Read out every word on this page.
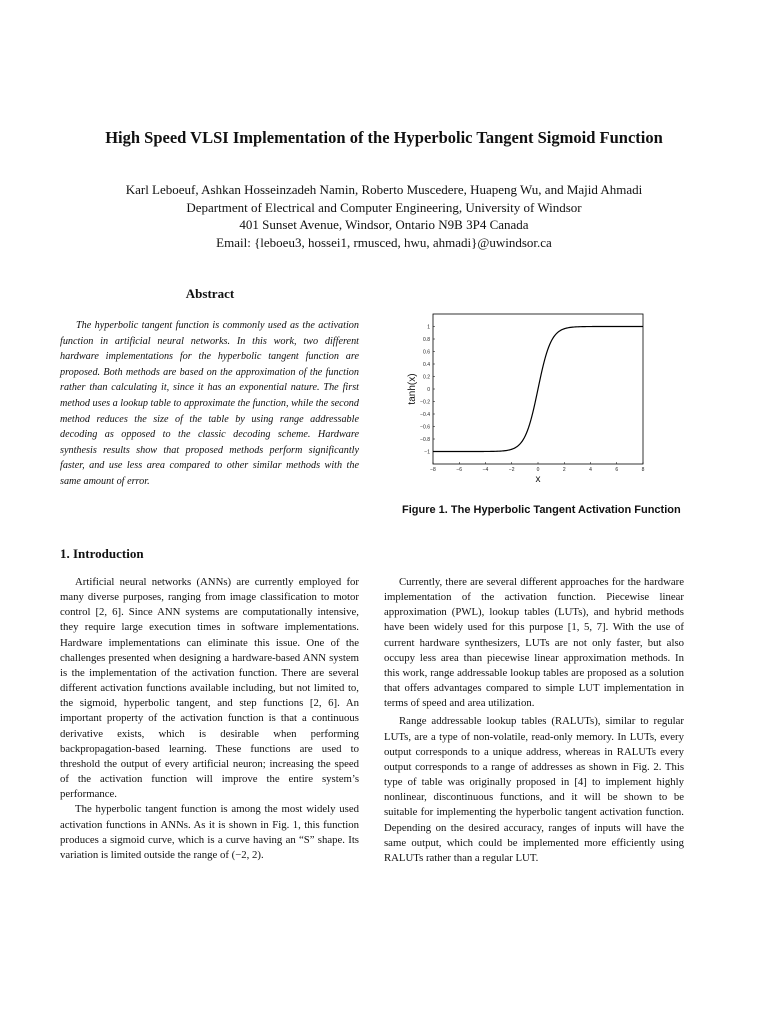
High Speed VLSI Implementation of the Hyperbolic Tangent Sigmoid Function
Karl Leboeuf, Ashkan Hosseinzadeh Namin, Roberto Muscedere, Huapeng Wu, and Majid Ahmadi
Department of Electrical and Computer Engineering, University of Windsor
401 Sunset Avenue, Windsor, Ontario N9B 3P4 Canada
Email: {leboeu3, hossei1, rmusced, hwu, ahmadi}@uwindsor.ca
Abstract

The hyperbolic tangent function is commonly used as the activation function in artificial neural networks. In this work, two different hardware implementations for the hyperbolic tangent function are proposed. Both methods are based on the approximation of the function rather than calculating it, since it has an exponential nature. The first method uses a lookup table to approximate the function, while the second method reduces the size of the table by using range addressable decoding as opposed to the classic decoding scheme. Hardware synthesis results show that proposed methods perform significantly faster, and use less area compared to other similar methods with the same amount of error.

−8	−6	−4	−2	0	2	4	6	8
1
0.8
0.6
0.4
0.2
0
−0.2
−0.4
−0.6
−0.8
−1
x
tanh(x)
Figure 1. The Hyperbolic Tangent Activation Function
1. Introduction

Artificial neural networks (ANNs) are currently employed for many diverse purposes, ranging from image classification to motor control [2, 6]. Since ANN systems are computationally intensive, they require large execution times in software implementations. Hardware implementations can eliminate this issue. One of the challenges presented when designing a hardware-based ANN system is the implementation of the activation function. There are several different activation functions available including, but not limited to, the sigmoid, hyperbolic tangent, and step functions [2, 6]. An important property of the activation function is that a continuous derivative exists, which is desirable when performing backpropagation-based learning. These functions are used to threshold the output of every artificial neuron; increasing the speed of the activation function will improve the entire system’s performance.

The hyperbolic tangent function is among the most widely used activation functions in ANNs. As it is shown in Fig. 1, this function produces a sigmoid curve, which is a curve having an “S” shape. Its variation is limited outside the range of (−2, 2).

Currently, there are several different approaches for the hardware implementation of the activation function. Piecewise linear approximation (PWL), lookup tables (LUTs), and hybrid methods have been widely used for this purpose [1, 5, 7]. With the use of current hardware synthesizers, LUTs are not only faster, but also occupy less area than piecewise linear approximation methods. In this work, range addressable lookup tables are proposed as a solution that offers advantages compared to simple LUT implementation in terms of speed and area utilization.

Range addressable lookup tables (RALUTs), similar to regular LUTs, are a type of non-volatile, read-only memory. In LUTs, every output corresponds to a unique address, whereas in RALUTs every output corresponds to a range of addresses as shown in Fig. 2. This type of table was originally proposed in [4] to implement highly nonlinear, discontinuous functions, and it will be shown to be suitable for implementing the hyperbolic tangent activation function. Depending on the desired accuracy, ranges of inputs will have the same output, which could be implemented more efficiently using RALUTs rather than a regular LUT.
